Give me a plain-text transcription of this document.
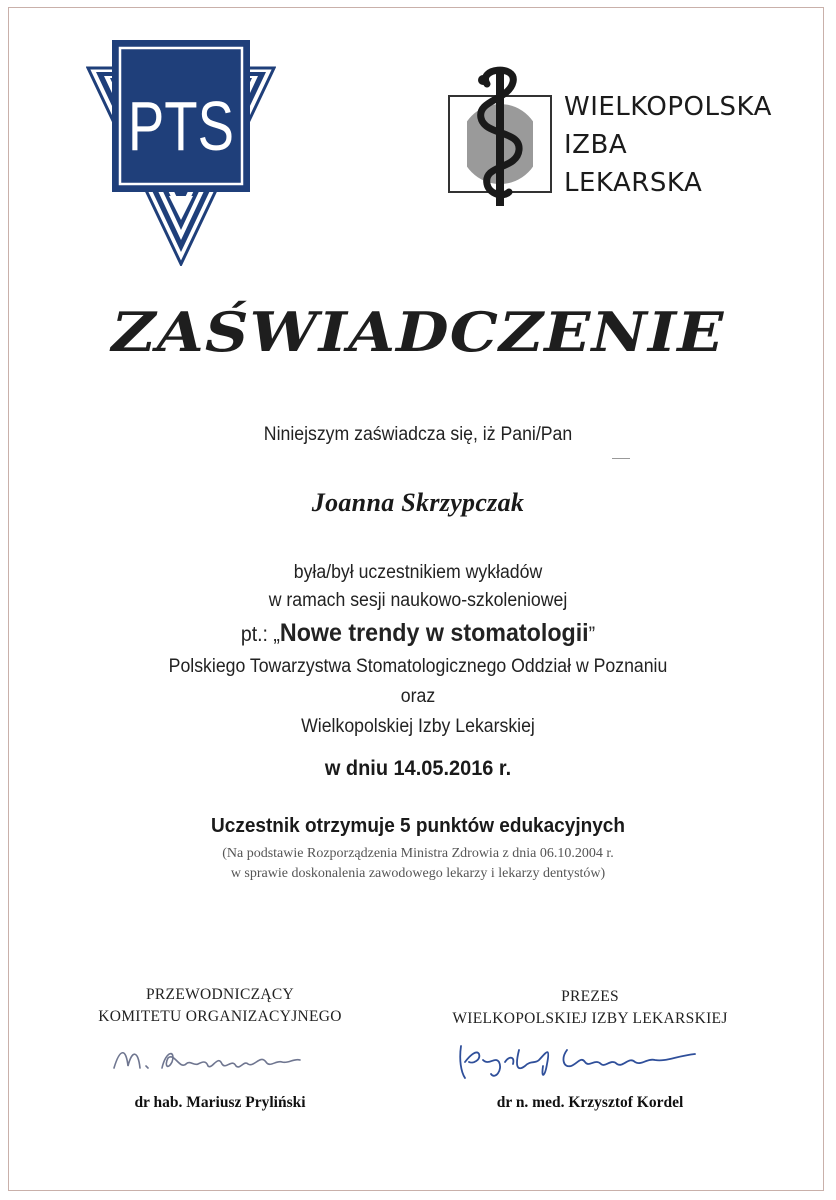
PTS	WIELKOPOLSKA
IZBA
LEKARSKA
ZAŚWIADCZENIE
Niniejszym zaświadcza się, iż Pani/Pan
Joanna Skrzypczak
była/był uczestnikiem wykładów
w ramach sesji naukowo-szkoleniowej
pt.: „Nowe trendy w stomatologii”
Polskiego Towarzystwa Stomatologicznego Oddział w Poznaniu
oraz
Wielkopolskiej Izby Lekarskiej
w dniu 14.05.2016 r.
Uczestnik otrzymuje 5 punktów edukacyjnych
(Na podstawie Rozporządzenia Ministra Zdrowia z dnia 06.10.2004 r.
w sprawie doskonalenia zawodowego lekarzy i lekarzy dentystów)
PRZEWODNICZĄCY
KOMITETU ORGANIZACYJNEGO
dr hab. Mariusz Pryliński
PREZES
WIELKOPOLSKIEJ IZBY LEKARSKIEJ
dr n. med. Krzysztof Kordel
